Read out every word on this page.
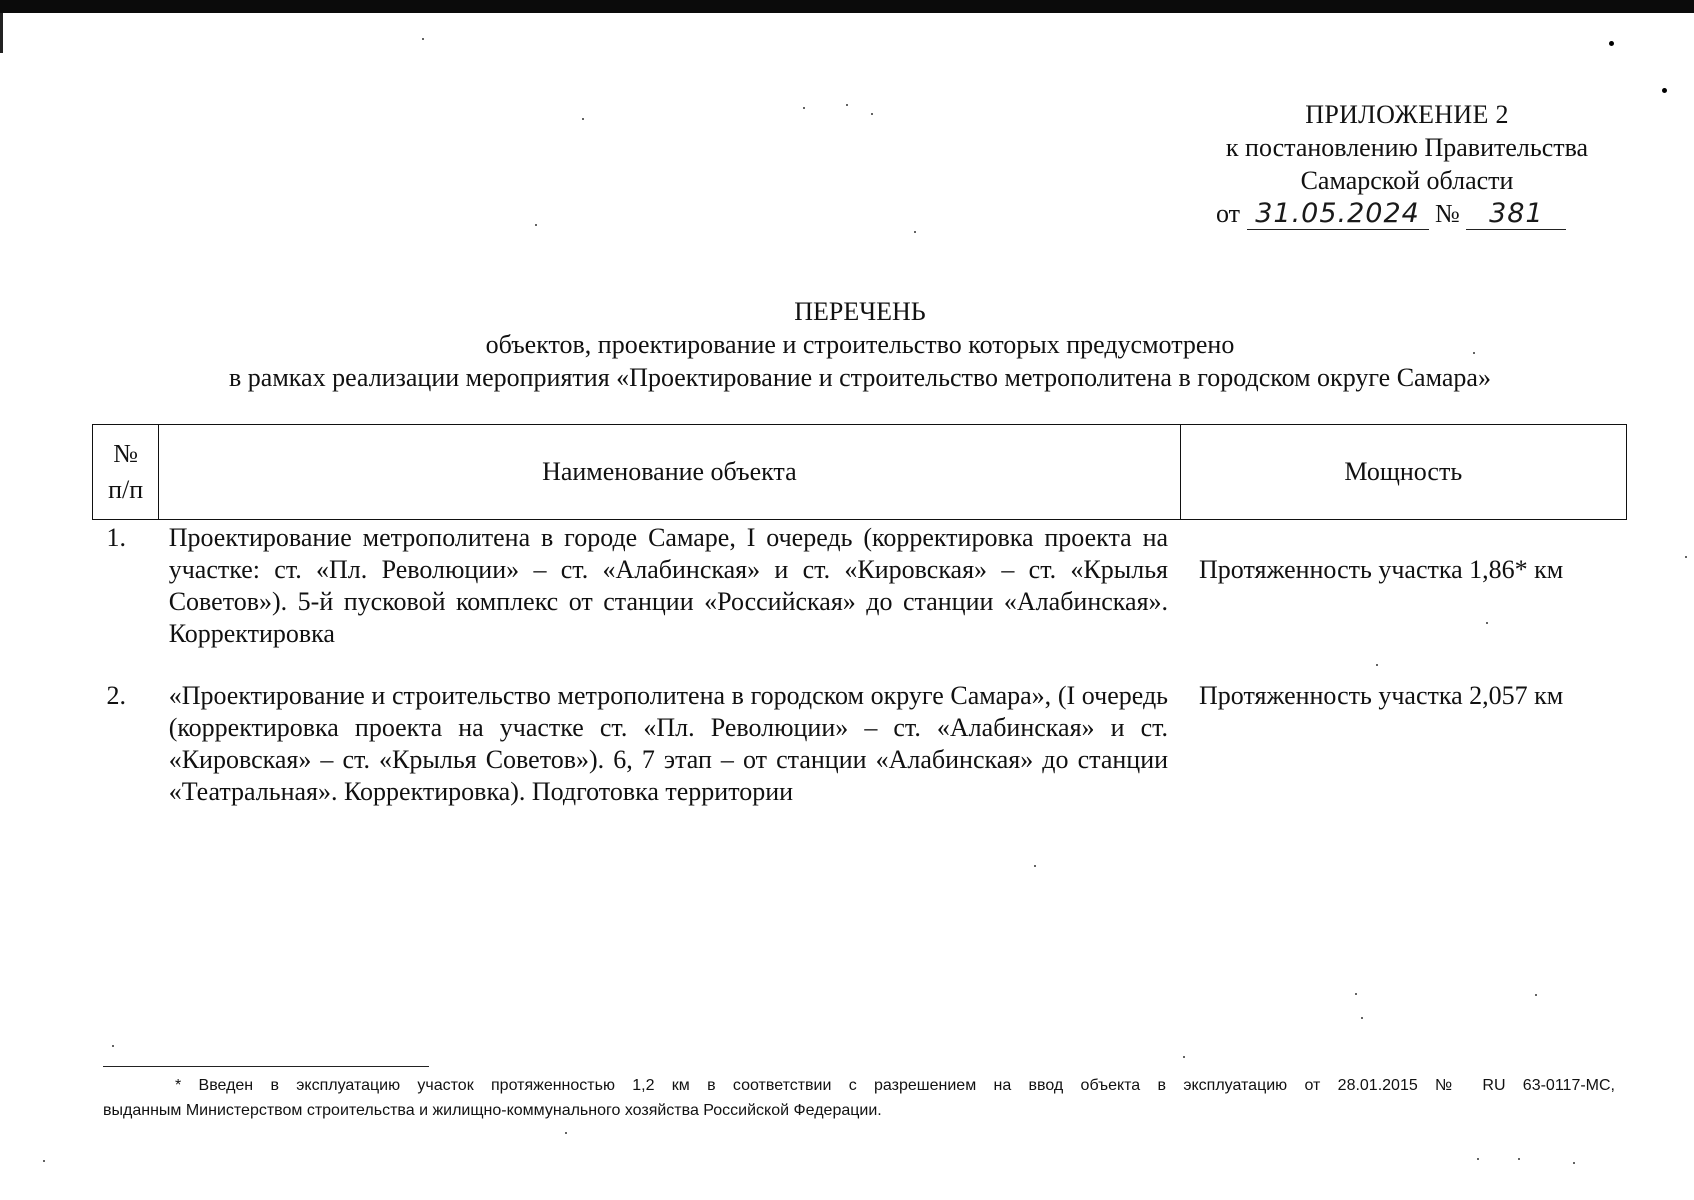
ПРИЛОЖЕНИЕ 2
к постановлению Правительства
Самарской области
от 31.05.2024 № 381
ПЕРЕЧЕНЬ
объектов, проектирование и строительство которых предусмотрено
в рамках реализации мероприятия «Проектирование и строительство метрополитена в городском округе Самара»
№
п/п	Наименование объекта	Мощность
1.	Проектирование метрополитена в городе Самаре, I очередь (корректировка проекта на участке: ст. «Пл. Революции» – ст. «Алабинская» и ст. «Кировская» – ст. «Крылья Советов»). 5-й пусковой комплекс от станции «Российская» до станции «Алабинская». Корректировка	Протяженность участка 1,86* км
2.	«Проектирование и строительство метрополитена в городском округе Самара», (I очередь (корректировка проекта на участке ст. «Пл. Революции» – ст. «Алабинская» и ст. «Кировская» – ст. «Крылья Советов»). 6, 7 этап – от станции «Алабинская» до станции «Театральная». Корректировка). Подготовка территории	Протяженность участка 2,057 км
* Введен в эксплуатацию участок протяженностью 1,2 км в соответствии с разрешением на ввод объекта в эксплуатацию от 28.01.2015 № RU 63-0117-МС,
выданным Министерством строительства и жилищно-коммунального хозяйства Российской Федерации.
